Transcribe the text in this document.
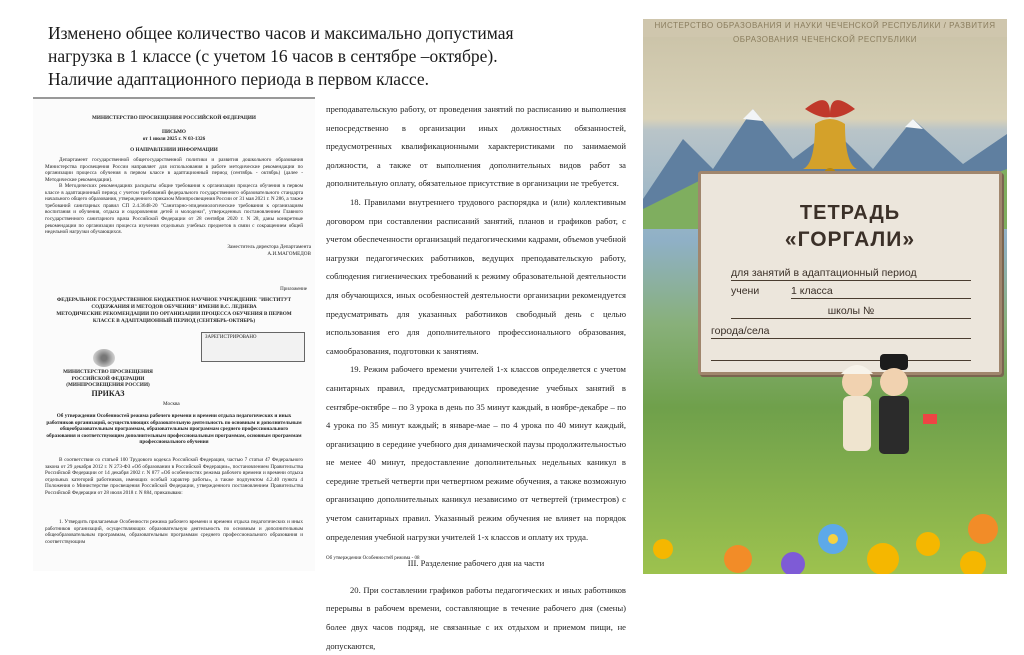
Изменено общее количество часов и максимально допустимая
нагрузка в 1 классе (с учетом 16 часов в сентябре –октябре).
Наличие адаптационного периода в первом классе.
МИНИСТЕРСТВО ПРОСВЕЩЕНИЯ РОССИЙСКОЙ ФЕДЕРАЦИИ
ПИСЬМО
от 1 июля 2025 г. N 03-1326
О НАПРАВЛЕНИИ ИНФОРМАЦИИ
Департамент государственной общегосударственной политики и развития дошкольного образования Министерства просвещения России направляет для использования в работе методические рекомендации по организации процесса обучения в первом классе в адаптационный период (сентябрь - октябрь) (далее - Методические рекомендации).
В Методических рекомендациях раскрыты общие требования к организации процесса обучения в первом классе в адаптационный период с учетом требований федерального государственного образовательного стандарта начального общего образования, утвержденного приказом Минпросвещения России от 31 мая 2021 г. N 286, а также требований санитарных правил СП 2.4.3648-20 "Санитарно-эпидемиологические требования к организациям воспитания и обучения, отдыха и оздоровления детей и молодежи", утвержденных постановлением Главного государственного санитарного врача Российской Федерации от 28 сентября 2020 г. N 28, даны конкретные рекомендации по организации процесса изучения отдельных учебных предметов в связи с сокращением общей недельной нагрузки обучающихся.
Заместитель директора Департамента
А.И.МАГОМЕДОВ
Приложение
ФЕДЕРАЛЬНОЕ ГОСУДАРСТВЕННОЕ БЮДЖЕТНОЕ НАУЧНОЕ УЧРЕЖДЕНИЕ "ИНСТИТУТ СОДЕРЖАНИЯ И МЕТОДОВ ОБУЧЕНИЯ" ИМЕНИ В.С. ЛЕДНЕВА
МЕТОДИЧЕСКИЕ РЕКОМЕНДАЦИИ ПО ОРГАНИЗАЦИИ ПРОЦЕССА ОБУЧЕНИЯ В ПЕРВОМ КЛАССЕ В АДАПТАЦИОННЫЙ ПЕРИОД (СЕНТЯБРЬ-ОКТЯБРЬ)
ЗАРЕГИСТРИРОВАНО
МИНИСТЕРСТВО ПРОСВЕЩЕНИЯ РОССИЙСКОЙ ФЕДЕРАЦИИ (МИНПРОСВЕЩЕНИЯ РОССИИ)
ПРИКАЗ
Москва
Об утверждении Особенностей режима рабочего времени и времени отдыха педагогических и иных работников организаций, осуществляющих образовательную деятельность по основным и дополнительным общеобразовательным программам, образовательным программам среднего профессионального образования и соответствующим дополнительным профессиональным программам, основным программам профессионального обучения
В соответствии со статьей 100 Трудового кодекса Российской Федерации, частью 7 статьи 47 Федерального закона от 29 декабря 2012 г. N 273-ФЗ «Об образовании в Российской Федерации», постановлением Правительства Российской Федерации от 14 декабря 2002 г. N 877 «Об особенностях режима рабочего времени и времени отдыха отдельных категорий работников, имеющих особый характер работы», а также подпунктом 4.2.40 пункта 4 Положения о Министерстве просвещения Российской Федерации, утвержденного постановлением Правительства Российской Федерации от 28 июля 2018 г. N 884, приказываю:
1. Утвердить прилагаемые Особенности режима рабочего времени и времени отдыха педагогических и иных работников организаций, осуществляющих образовательную деятельность по основным и дополнительным общеобразовательным программам, образовательным программам среднего профессионального образования и соответствующим

преподавательскую работу, от проведения занятий по расписанию и выполнения непосредственно в организации иных должностных обязанностей, предусмотренных квалификационными характеристиками по занимаемой должности, а также от выполнения дополнительных видов работ за дополнительную оплату, обязательное присутствие в организации не требуется.

18. Правилами внутреннего трудового распорядка и (или) коллективным договором при составлении расписаний занятий, планов и графиков работ, с учетом обеспеченности организаций педагогическими кадрами, объемов учебной нагрузки педагогических работников, ведущих преподавательскую работу, соблюдения гигиенических требований к режиму образовательной деятельности для обучающихся, иных особенностей деятельности организации рекомендуется предусматривать для указанных работников свободный день с целью использования его для дополнительного профессионального образования, самообразования, подготовки к занятиям.

19. Режим рабочего времени учителей 1-х классов определяется с учетом санитарных правил, предусматривающих проведение учебных занятий в сентябре-октябре – по 3 урока в день по 35 минут каждый, в ноябре-декабре – по 4 урока по 35 минут каждый; в январе-мае – по 4 урока по 40 минут каждый, организацию в середине учебного дня динамической паузы продолжительностью не менее 40 минут, предоставление дополнительных недельных каникул в середине третьей четверти при четвертном режиме обучения, а также возможную организацию дополнительных каникул независимо от четвертей (триместров) с учетом санитарных правил. Указанный режим обучения не влияет на порядок определения учебной нагрузки учителей 1-х классов и оплату их труда.

III. Разделение рабочего дня на части

20. При составлении графиков работы педагогических и иных работников перерывы в рабочем времени, составляющие в течение рабочего дня (смены) более двух часов подряд, не связанные с их отдыхом и приемом пищи, не допускаются,

Об утверждении Особенностей режима - 08
НИСТЕРСТВО ОБРАЗОВАНИЯ И НАУКИ ЧЕЧЕНСКОЙ РЕСПУБЛИКИ / РАЗВИТИЯ ОБРАЗОВАНИЯ ЧЕЧЕНСКОЙ РЕСПУБЛИКИ
ТЕТРАДЬ
«ГОРГАЛИ»
для занятий в адаптационный период
учени	1 класса
школы №
города/села
